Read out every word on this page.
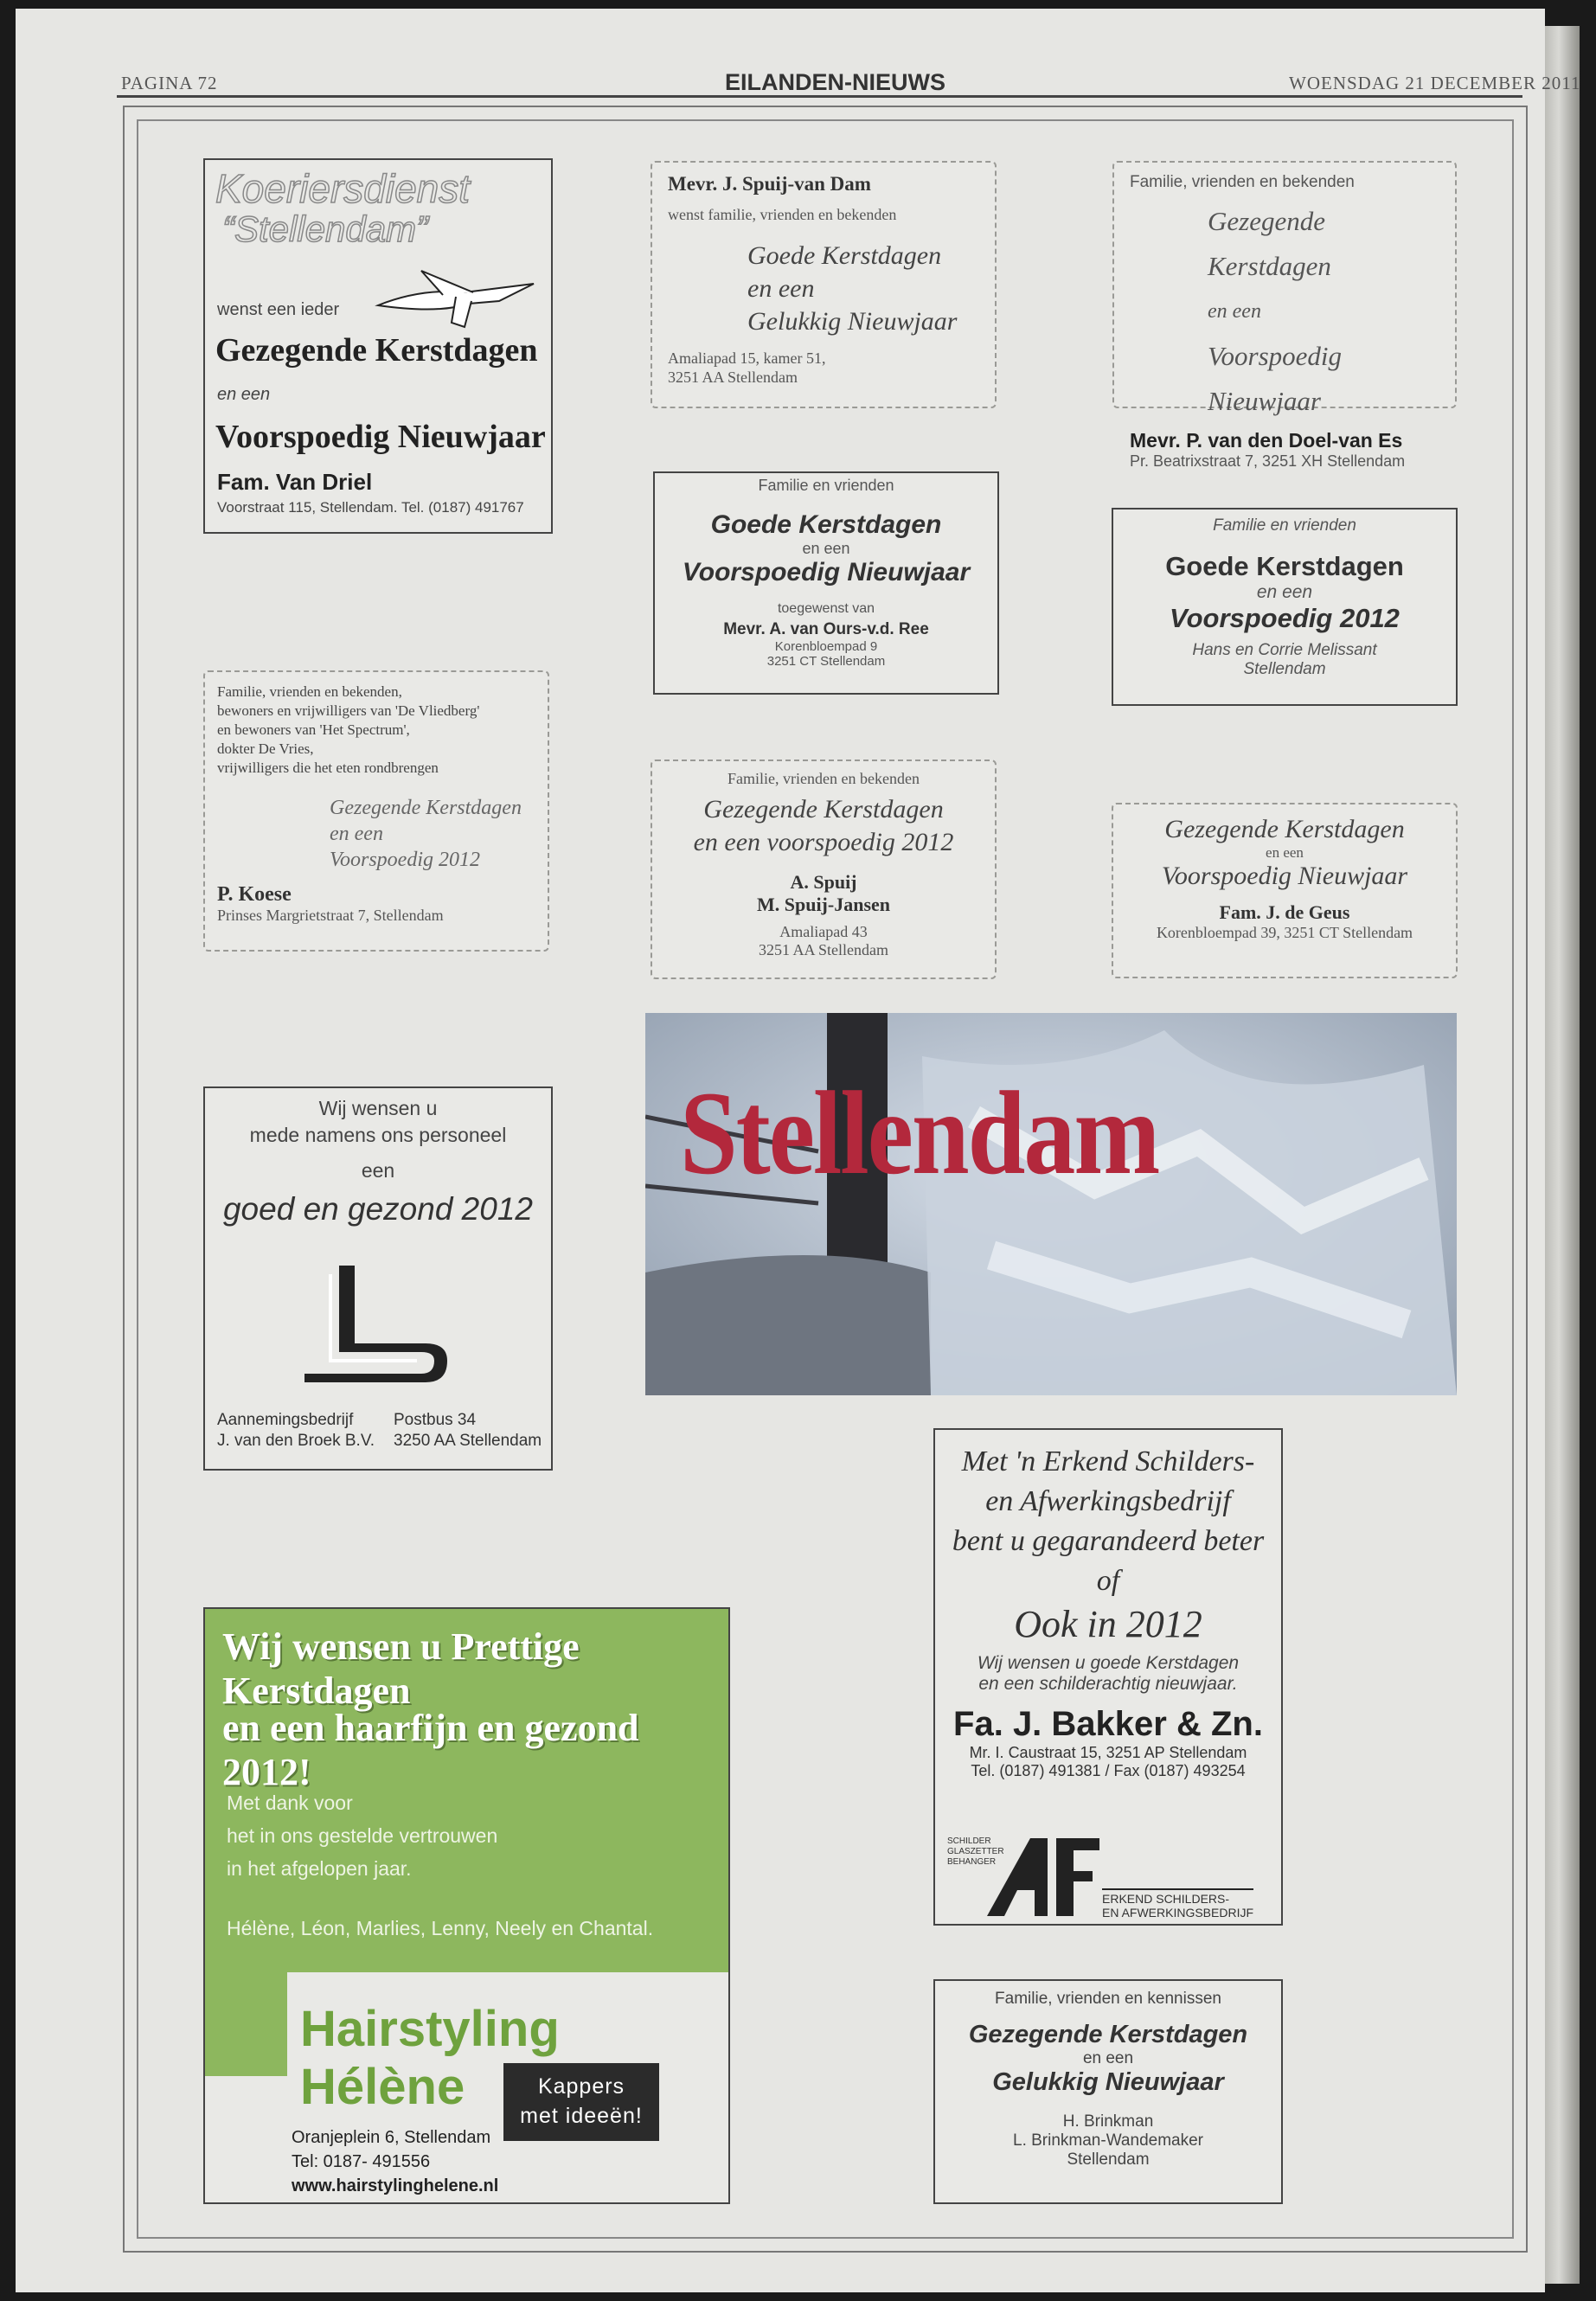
PAGINA 72	EILANDEN-NIEUWS	WOENSDAG 21 DECEMBER 2011
Koeriersdienst
“Stellendam”
wenst een ieder
Gezegende Kerstdagen
en een
Voorspoedig Nieuwjaar
Fam. Van Driel
Voorstraat 115, Stellendam. Tel. (0187) 491767
Mevr. J. Spuij-van Dam
wenst familie, vrienden en bekenden
Goede Kerstdagen
en een
Gelukkig Nieuwjaar
Amaliapad 15, kamer 51,
3251 AA Stellendam
Familie, vrienden en bekenden
Gezegende Kerstdagen
en een
Voorspoedig Nieuwjaar
Mevr. P. van den Doel-van Es
Pr. Beatrixstraat 7, 3251 XH Stellendam
Familie, vrienden en bekenden,
bewoners en vrijwilligers van 'De Vliedberg'
en bewoners van 'Het Spectrum',
dokter De Vries,
vrijwilligers die het eten rondbrengen
Gezegende Kerstdagen
en een
Voorspoedig 2012
P. Koese
Prinses Margrietstraat 7, Stellendam
Familie en vrienden
Goede Kerstdagen
en een
Voorspoedig Nieuwjaar
toegewenst van
Mevr. A. van Ours-v.d. Ree
Korenbloempad 9
3251 CT Stellendam
Familie en vrienden
Goede Kerstdagen
en een
Voorspoedig 2012
Hans en Corrie Melissant
Stellendam
Familie, vrienden en bekenden
Gezegende Kerstdagen
en een voorspoedig 2012
A. Spuij
M. Spuij-Jansen
Amaliapad 43
3251 AA Stellendam
Gezegende Kerstdagen
en een
Voorspoedig Nieuwjaar
Fam. J. de Geus
Korenbloempad 39, 3251 CT Stellendam
Wij wensen u
mede namens ons personeel
een
goed en gezond 2012
Aannemingsbedrijf
J. van den Broek B.V.
Postbus 34
3250 AA Stellendam
Stellendam
Wij wensen u Prettige Kerstdagen
en een haarfijn en gezond 2012!
Met dank voor
het in ons gestelde vertrouwen
in het afgelopen jaar.
Hélène, Léon, Marlies, Lenny, Neely en Chantal.
Hairstyling Hélène	Kappers
met ideeën!
Oranjeplein 6, Stellendam
Tel: 0187- 491556
www.hairstylinghelene.nl
Met 'n Erkend Schilders-
en Afwerkingsbedrijf
bent u gegarandeerd beter
of
Ook in 2012
Wij wensen u goede Kerstdagen
en een schilderachtig nieuwjaar.
Fa. J. Bakker & Zn.
Mr. I. Caustraat 15, 3251 AP Stellendam
Tel. (0187) 491381 / Fax (0187) 493254
SCHILDER
GLASZETTER
BEHANGER
ERKEND SCHILDERS-
EN AFWERKINGSBEDRIJF
Familie, vrienden en kennissen
Gezegende Kerstdagen
en een
Gelukkig Nieuwjaar
H. Brinkman
L. Brinkman-Wandemaker
Stellendam
